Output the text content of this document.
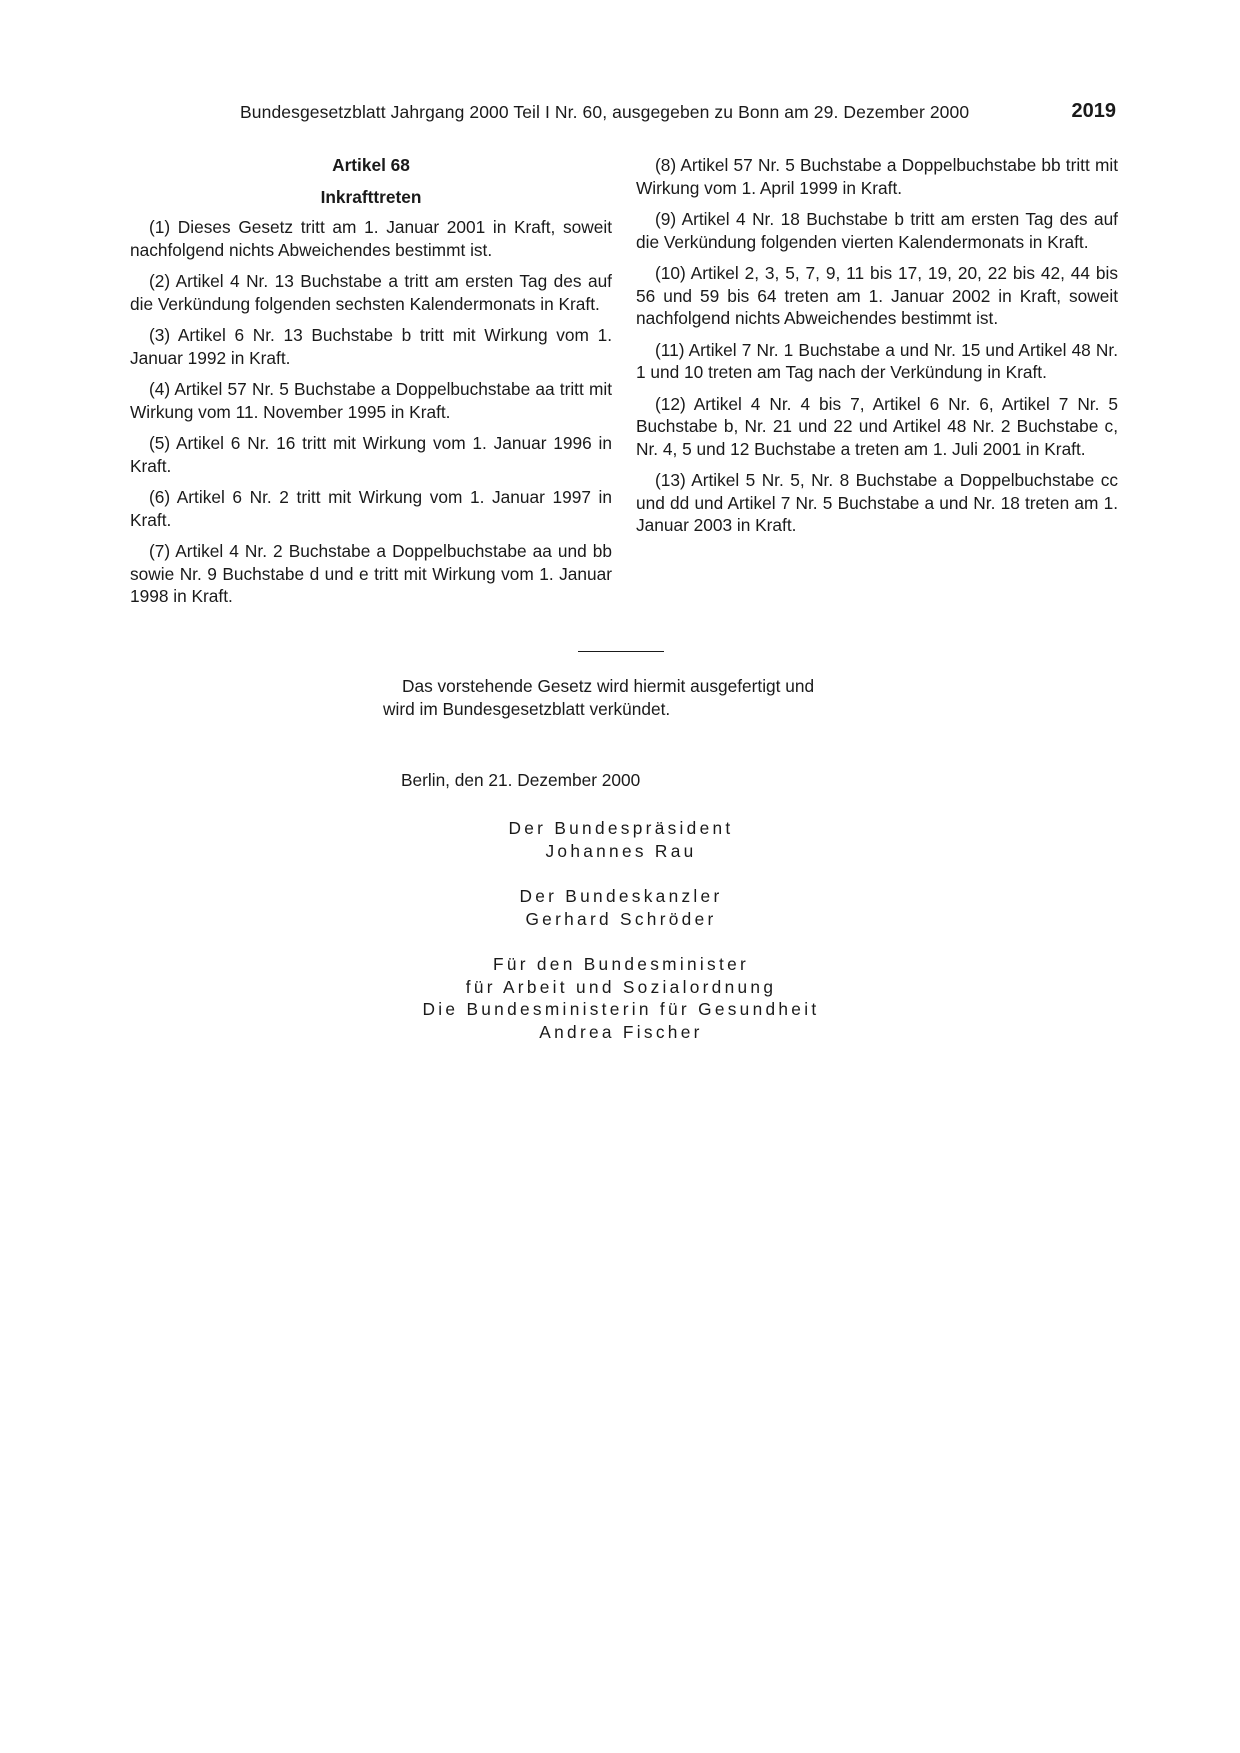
Bundesgesetzblatt Jahrgang 2000 Teil I Nr. 60, ausgegeben zu Bonn am 29. Dezember 2000	2019
Artikel 68
Inkrafttreten

(1) Dieses Gesetz tritt am 1. Januar 2001 in Kraft, soweit nachfolgend nichts Abweichendes bestimmt ist.

(2) Artikel 4 Nr. 13 Buchstabe a tritt am ersten Tag des auf die Verkündung folgenden sechsten Kalendermonats in Kraft.

(3) Artikel 6 Nr. 13 Buchstabe b tritt mit Wirkung vom 1. Januar 1992 in Kraft.

(4) Artikel 57 Nr. 5 Buchstabe a Doppelbuchstabe aa tritt mit Wirkung vom 11. November 1995 in Kraft.

(5) Artikel 6 Nr. 16 tritt mit Wirkung vom 1. Januar 1996 in Kraft.

(6) Artikel 6 Nr. 2 tritt mit Wirkung vom 1. Januar 1997 in Kraft.

(7) Artikel 4 Nr. 2 Buchstabe a Doppelbuchstabe aa und bb sowie Nr. 9 Buchstabe d und e tritt mit Wirkung vom 1. Januar 1998 in Kraft.

(8) Artikel 57 Nr. 5 Buchstabe a Doppelbuchstabe bb tritt mit Wirkung vom 1. April 1999 in Kraft.

(9) Artikel 4 Nr. 18 Buchstabe b tritt am ersten Tag des auf die Verkündung folgenden vierten Kalendermonats in Kraft.

(10) Artikel 2, 3, 5, 7, 9, 11 bis 17, 19, 20, 22 bis 42, 44 bis 56 und 59 bis 64 treten am 1. Januar 2002 in Kraft, soweit nachfolgend nichts Abweichendes bestimmt ist.

(11) Artikel 7 Nr. 1 Buchstabe a und Nr. 15 und Artikel 48 Nr. 1 und 10 treten am Tag nach der Verkündung in Kraft.

(12) Artikel 4 Nr. 4 bis 7, Artikel 6 Nr. 6, Artikel 7 Nr. 5 Buchstabe b, Nr. 21 und 22 und Artikel 48 Nr. 2 Buchstabe c, Nr. 4, 5 und 12 Buchstabe a treten am 1. Juli 2001 in Kraft.

(13) Artikel 5 Nr. 5, Nr. 8 Buchstabe a Doppelbuchstabe cc und dd und Artikel 7 Nr. 5 Buchstabe a und Nr. 18 treten am 1. Januar 2003 in Kraft.

Das vorstehende Gesetz wird hiermit ausgefertigt und
wird im Bundesgesetzblatt verkündet.
Berlin, den 21. Dezember 2000
Der Bundespräsident
Johannes Rau
Der Bundeskanzler
Gerhard Schröder
Für den Bundesminister
für Arbeit und Sozialordnung
Die Bundesministerin für Gesundheit
Andrea Fischer
